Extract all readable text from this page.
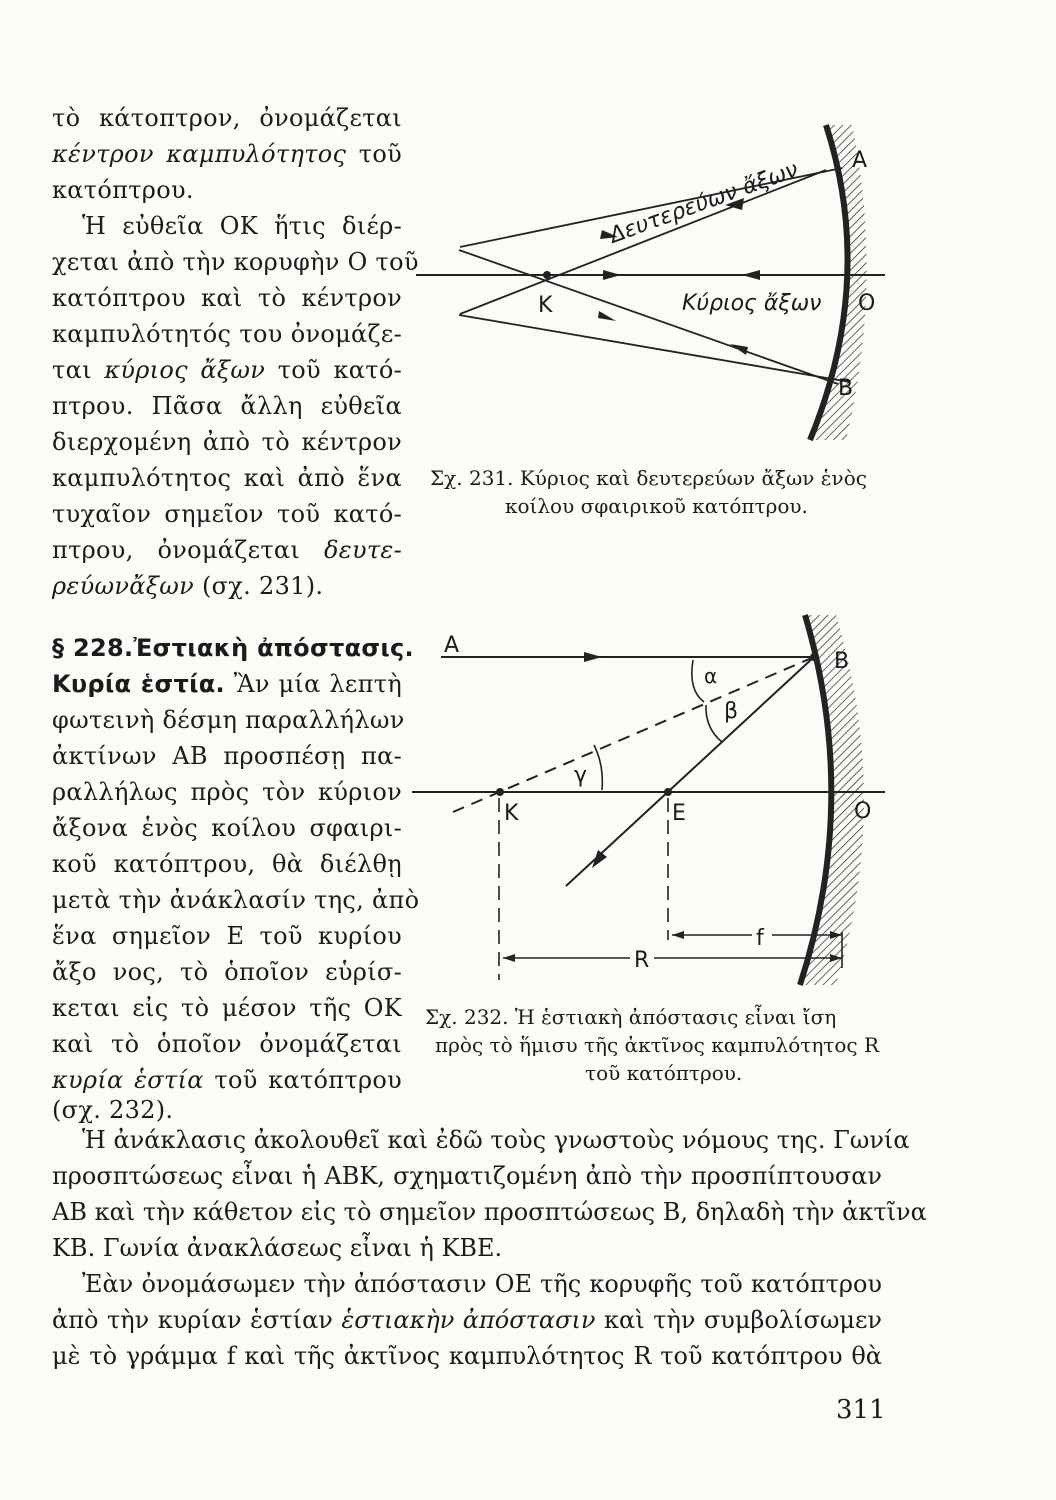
τὸ κάτοπτρον, ὀνομάζεται
κέντρον καμπυλότητος τοῦ
κατόπτρου.
Ἡ εὐθεῖα ΟΚ ἥτις διέρ-
χεται ἀπὸ τὴν κορυφὴν Ο τοῦ
κατόπτρου καὶ τὸ κέντρον
καμπυλότητός του ὀνομάζε-
ται κύριος ἄξων τοῦ κατό-
πτρου. Πᾶσα ἄλλη εὐθεῖα
διερχομένη ἀπὸ τὸ κέντρον
καμπυλότητος καὶ ἀπὸ ἕνα
τυχαῖον σημεῖον τοῦ κατό-
πτρου, ὀνομάζεται δευτε-
ρεύωνἄξων (σχ. 231).
§ 228.Ἐστιακὴ ἀπόστασις.
Κυρία ἑστία. Ἂν μία λεπτὴ
φωτεινὴ δέσμη παραλλήλων
ἀκτίνων ΑΒ προσπέσῃ πα-
ραλλήλως πρὸς τὸν κύριον
ἄξονα ἑνὸς κοίλου σφαιρι-
κοῦ κατόπτρου, θὰ διέλθῃ
μετὰ τὴν ἀνάκλασίν της, ἀπὸ
ἕνα σημεῖον Ε τοῦ κυρίου
ἄξο νος, τὸ ὁποῖον εὑρίσ-
κεται εἰς τὸ μέσον τῆς ΟΚ
καὶ τὸ ὁποῖον ὀνομάζεται
κυρία ἑστία τοῦ κατόπτρου
(σχ. 232).
Ἡ ἀνάκλασις ἀκολουθεῖ καὶ ἐδῶ τοὺς γνωστοὺς νόμους της. Γωνία
προσπτώσεως εἶναι ἡ ΑΒΚ, σχηματιζομένη ἀπὸ τὴν προσπίπτουσαν
ΑΒ καὶ τὴν κάθετον εἰς τὸ σημεῖον προσπτώσεως Β, δηλαδὴ τὴν ἀκτῖνα
ΚΒ. Γωνία ἀνακλάσεως εἶναι ἡ ΚΒΕ.
Ἐὰν ὀνομάσωμεν τὴν ἀπόστασιν ΟΕ τῆς κορυφῆς τοῦ κατόπτρου
ἀπὸ τὴν κυρίαν ἑστίαν ἑστιακὴν ἀπόστασιν καὶ τὴν συμβολίσωμεν
μὲ τὸ γράμμα f καὶ τῆς ἀκτῖνος καμπυλότητος R τοῦ κατόπτρου θὰ
K
A
O
B
Δευτερεύων ἄξων
Κύριος ἄξων
Σχ. 231. Κύριος καὶ δευτερεύων ἄξων ἑνὸς
κοίλου σφαιρικοῦ κατόπτρου.
α
β
γ
A
B
K	E	O
f
R
Σχ. 232. Ἡ ἑστιακὴ ἀπόστασις εἶναι ἴση
πρὸς τὸ ἥμισυ τῆς ἀκτῖνος καμπυλότητος R
τοῦ κατόπτρου.
311
